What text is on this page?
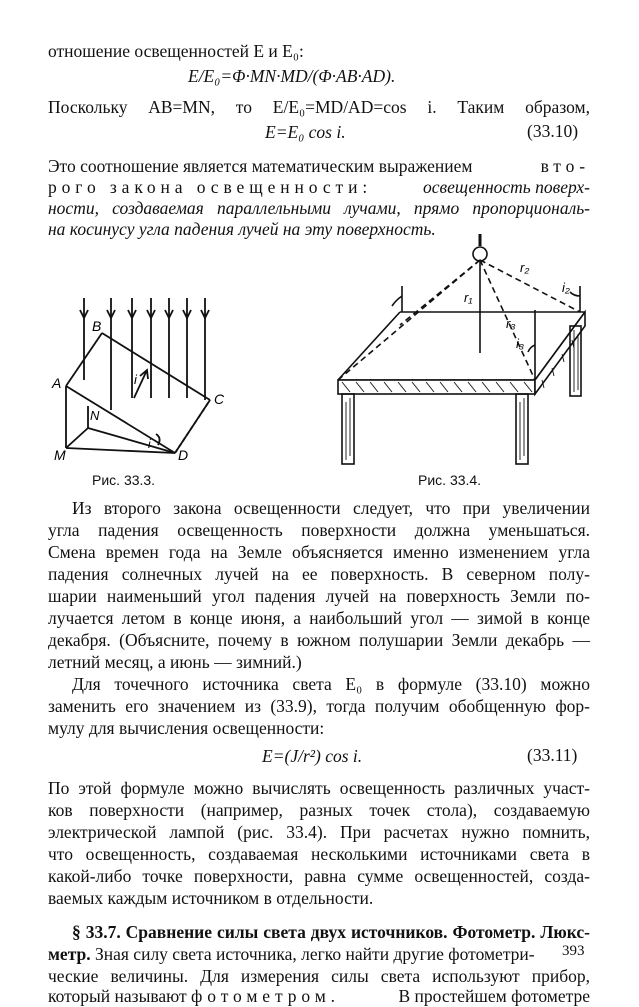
отношение освещенностей E и E₀:
E/E₀=Φ·MN·MD/(Φ·AB·AD).
Поскольку AB=MN, то E/E₀=MD/AD=cos i. Таким образом,
E=E₀ cos i.	(33.10)
Это соотношение является математическим выражением	вто-
рого закона освещенности:	освещенность поверх-
ности, создаваемая параллельными лучами, прямо пропорциональ-
на косинусу угла падения лучей на эту поверхность.
B
A
C
N
i
M	D
i
Рис. 33.3.
r₁
r₂
i₂
r₃
i₃
Рис. 33.4.
Из второго закона освещенности следует, что при увеличении
угла падения освещенность поверхности должна уменьшаться.
Смена времен года на Земле объясняется именно изменением угла
падения солнечных лучей на ее поверхность. В северном полу-
шарии наименьший угол падения лучей на поверхность Земли по-
лучается летом в конце июня, а наибольший угол — зимой в конце
декабря. (Объясните, почему в южном полушарии Земли декабрь —
летний месяц, а июнь — зимний.)
Для точечного источника света E₀ в формуле (33.10) можно
заменить его значением из (33.9), тогда получим обобщенную фор-
мулу для вычисления освещенности:
E=(J/r²) cos i.	(33.11)
По этой формуле можно вычислять освещенность различных участ-
ков поверхности (например, разных точек стола), создаваемую
электрической лампой (рис. 33.4). При расчетах нужно помнить,
что освещенность, создаваемая несколькими источниками света в
какой-либо точке поверхности, равна сумме освещенностей, созда-
ваемых каждым источником в отдельности.
§ 33.7. Сравнение силы света двух источников. Фотометр. Люкс-
метр. Зная силу света источника, легко найти другие фотометри-
ческие величины. Для измерения силы света используют прибор,
который называют фотометром.	В простейшем фотометре
393
